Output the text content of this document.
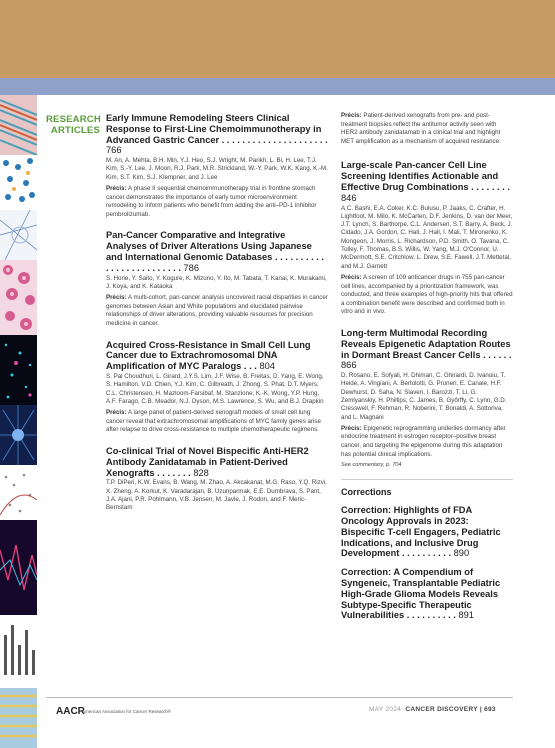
RESEARCH
ARTICLES
Early Immune Remodeling Steers Clinical Response to First-Line Chemoimmunotherapy in Advanced Gastric Cancer . . . . . . . . . . . . . . . . . . . . . 766
M. An, A. Mehta, B.H. Min, Y.J. Heo, S.J. Wright, M. Parikh, L. Bi, H. Lee, T.J. Kim, S.-Y. Lee, J. Moon, R.J. Park, M.R. Strickland, W.-Y. Park, W.K. Kang, K.-M. Kim, S.T. Kim, S.J. Klempner, and J. Lee
Précis: A phase II sequential chemoimmunotherapy trial in frontline stomach cancer demonstrates the importance of early tumor microenvironment remodeling to inform patients who benefit from adding the anti–PD-1 inhibitor pembrolizumab.
Pan-Cancer Comparative and Integrative Analyses of Driver Alterations Using Japanese and International Genomic Databases . . . . . . . . . . . . . . . . . . . . . . . . . 786
S. Horie, Y. Saito, Y. Kogure, K. Mizuno, Y. Ito, M. Tabata, T. Kanai, K. Murakami, J. Koya, and K. Kataoka
Précis: A multi-cohort, pan-cancer analysis uncovered racial disparities in cancer genomes between Asian and White populations and elucidated pairwise relationships of driver alterations, providing valuable resources for precision medicine in cancer.
Acquired Cross-Resistance in Small Cell Lung Cancer due to Extrachromosomal DNA Amplification of MYC Paralogs . . . 804
S. Pal Choudhuri, L. Girard, J.Y.S. Lim, J.F. Wise, B. Freitas, D. Yang, E. Wong, S. Hamilton, V.D. Chien, Y.J. Kim, C. Gilbreath, J. Zhong, S. Phat, D.T. Myers, C.L. Christensen, H. Mazloom-Farsibaf, M. Stanzione, K.-K. Wong, Y.P. Hung, A.F. Farago, C.B. Meador, N.J. Dyson, M.S. Lawrence, S. Wu, and B.J. Drapkin
Précis: A large panel of patient-derived xenograft models of small cell lung cancer reveal that extrachromosomal amplifications of MYC family genes arise after relapse to drive cross-resistance to multiple chemotherapeutic regimens.
Co-clinical Trial of Novel Bispecific Anti-HER2 Antibody Zanidatamab in Patient-Derived Xenografts . . . . . . . 828
T.P. DiPeri, K.W. Evans, B. Wang, M. Zhao, A. Akcakanat, M.G. Raso, Y.Q. Rizvi, X. Zheng, A. Korkut, K. Varadarajan, B. Uzunparmak, E.E. Dumbrava, S. Pant, J.A. Ajani, P.R. Pohlmann, V.B. Jensen, M. Javle, J. Rodon, and F. Meric-Bernstam
Précis: Patient-derived xenografts from pre- and post-treatment biopsies reflect the antitumor activity seen with HER2 antibody zanidatamab in a clinical trial and highlight MET amplification as a mechanism of acquired resistance.
Large-scale Pan-cancer Cell Line Screening Identifies Actionable and Effective Drug Combinations . . . . . . . . 846
A.C. Bashi, E.A. Coker, K.C. Bulusu, P. Jaaks, C. Crafter, H. Lightfoot, M. Milo, K. McCarten, D.F. Jenkins, D. van der Meer, J.T. Lynch, S. Barthorpe, C.L. Andersen, S.T. Barry, A. Beck, J. Cidado, J.A. Gordon, C. Hall, J. Hall, I. Mali, T. Mironenko, K. Mongeon, J. Morris, L. Richardson, P.D. Smith, O. Tavana, C. Tolley, F. Thomas, B.S. Willis, W. Yang, M.J. O'Connor, U. McDermott, S.E. Critchlow, L. Drew, S.E. Fawell, J.T. Mettetal, and M.J. Garnett
Précis: A screen of 109 anticancer drugs in 755 pan-cancer cell lines, accompanied by a prioritization framework, was conducted, and three examples of high-priority hits that offered a combination benefit were described and confirmed both in vitro and in vivo.
Long-term Multimodal Recording Reveals Epigenetic Adaptation Routes in Dormant Breast Cancer Cells . . . . . . 866
D. Rosano, E. Sofyali, H. Dhiman, C. Ghirardi, D. Ivanoiu, T. Heide, A. Vingiani, A. Bertolotti, G. Pruneri, E. Canale, H.F. Dewhurst, D. Saha, N. Slaven, I. Barozzi, T. Li, G. Zemlyanskiy, H. Phillips, C. James, B. Győrffy, C. Lynn, G.D. Cresswell, F. Rehman, R. Noberini, T. Bonaldi, A. Sottoriva, and L. Magnani
Précis: Epigenetic reprogramming underlies dormancy after endocrine treatment in estrogen receptor–positive breast cancer, and targeting the epigenome during this adaptation has potential clinical implications.
See commentary, p. 704
Corrections
Correction: Highlights of FDA Oncology Approvals in 2023: Bispecific T-cell Engagers, Pediatric Indications, and Inclusive Drug Development . . . . . . . . . . 890
Correction: A Compendium of Syngeneic, Transplantable Pediatric High-Grade Glioma Models Reveals Subtype-Specific Therapeutic Vulnerabilities . . . . . . . . . . 891
AACR
American Association for Cancer Research®	MAY 2024 CANCER DISCOVERY | 693
